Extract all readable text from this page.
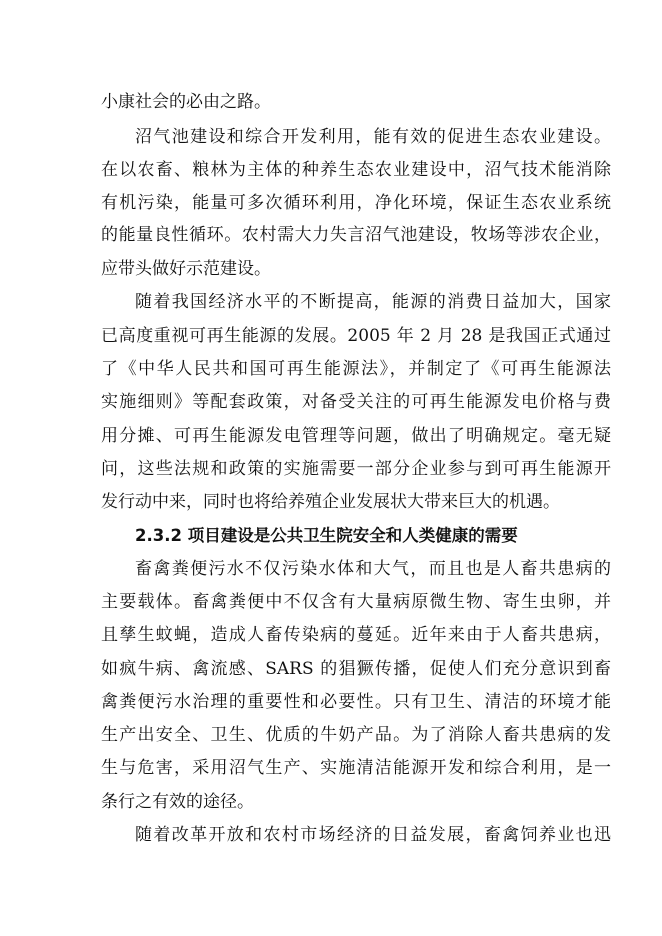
小康社会的必由之路。
沼气池建设和综合开发利用，能有效的促进生态农业建设。
在以农畜、粮林为主体的种养生态农业建设中，沼气技术能消除
有机污染，能量可多次循环利用，净化环境，保证生态农业系统
的能量良性循环。农村需大力失言沼气池建设，牧场等涉农企业，
应带头做好示范建设。
随着我国经济水平的不断提高，能源的消费日益加大，国家
已高度重视可再生能源的发展。2005 年 2 月 28 是我国正式通过
了《中华人民共和国可再生能源法》，并制定了《可再生能源法
实施细则》等配套政策，对备受关注的可再生能源发电价格与费
用分摊、可再生能源发电管理等问题，做出了明确规定。毫无疑
问，这些法规和政策的实施需要一部分企业参与到可再生能源开
发行动中来，同时也将给养殖企业发展状大带来巨大的机遇。
2.3.2 项目建设是公共卫生院安全和人类健康的需要
畜禽粪便污水不仅污染水体和大气，而且也是人畜共患病的
主要载体。畜禽粪便中不仅含有大量病原微生物、寄生虫卵，并
且孳生蚊蝇，造成人畜传染病的蔓延。近年来由于人畜共患病，
如疯牛病、禽流感、SARS 的猖獗传播，促使人们充分意识到畜
禽粪便污水治理的重要性和必要性。只有卫生、清洁的环境才能
生产出安全、卫生、优质的牛奶产品。为了消除人畜共患病的发
生与危害，采用沼气生产、实施清洁能源开发和综合利用，是一
条行之有效的途径。
随着改革开放和农村市场经济的日益发展，畜禽饲养业也迅
